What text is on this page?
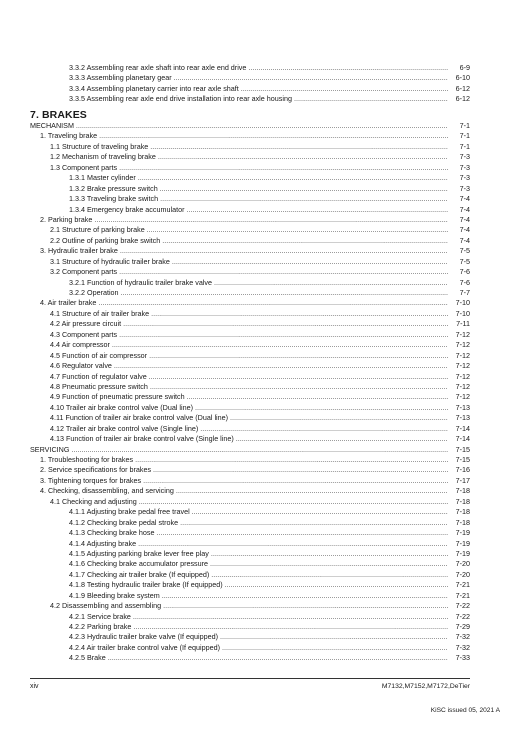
3.3.2 Assembling rear axle shaft into rear axle end drive .....	6-9
3.3.3 Assembling planetary gear .....	6-10
3.3.4 Assembling planetary carrier into rear axle shaft .....	6-12
3.3.5 Assembling rear axle end drive installation into rear axle housing .....	6-12
7. BRAKES
MECHANISM .....	7-1
1. Traveling brake .....	7-1
1.1 Structure of traveling brake .....	7-1
1.2 Mechanism of traveling brake .....	7-3
1.3 Component parts .....	7-3
1.3.1 Master cylinder .....	7-3
1.3.2 Brake pressure switch .....	7-3
1.3.3 Traveling brake switch .....	7-4
1.3.4 Emergency brake accumulator .....	7-4
2. Parking brake .....	7-4
2.1 Structure of parking brake .....	7-4
2.2 Outline of parking brake switch .....	7-4
3. Hydraulic trailer brake .....	7-5
3.1 Structure of hydraulic trailer brake .....	7-5
3.2 Component parts .....	7-6
3.2.1 Function of hydraulic trailer brake valve .....	7-6
3.2.2 Operation .....	7-7
4. Air trailer brake .....	7-10
4.1 Structure of air trailer brake .....	7-10
4.2 Air pressure circuit .....	7-11
4.3 Component parts .....	7-12
4.4 Air compressor .....	7-12
4.5 Function of air compressor .....	7-12
4.6 Regulator valve .....	7-12
4.7 Function of regulator valve .....	7-12
4.8 Pneumatic pressure switch .....	7-12
4.9 Function of pneumatic pressure switch .....	7-12
4.10 Trailer air brake control valve (Dual line) .....	7-13
4.11 Function of trailer air brake control valve (Dual line) .....	7-13
4.12 Trailer air brake control valve (Single line) .....	7-14
4.13 Function of trailer air brake control valve (Single line) .....	7-14
SERVICING .....	7-15
1. Troubleshooting for brakes .....	7-15
2. Service specifications for brakes .....	7-16
3. Tightening torques for brakes .....	7-17
4. Checking, disassembling, and servicing .....	7-18
4.1 Checking and adjusting .....	7-18
4.1.1 Adjusting brake pedal free travel .....	7-18
4.1.2 Checking brake pedal stroke .....	7-18
4.1.3 Checking brake hose .....	7-19
4.1.4 Adjusting brake .....	7-19
4.1.5 Adjusting parking brake lever free play .....	7-19
4.1.6 Checking brake accumulator pressure .....	7-20
4.1.7 Checking air trailer brake (If equipped) .....	7-20
4.1.8 Testing hydraulic trailer brake (If equipped) .....	7-21
4.1.9 Bleeding brake system .....	7-21
4.2 Disassembling and assembling .....	7-22
4.2.1 Service brake .....	7-22
4.2.2 Parking brake .....	7-29
4.2.3 Hydraulic trailer brake valve (If equipped) .....	7-32
4.2.4 Air trailer brake control valve (If equipped) .....	7-32
4.2.5 Brake .....	7-33
xiv	M7132,M7152,M7172,DeTier
KiSC issued 05, 2021 A
